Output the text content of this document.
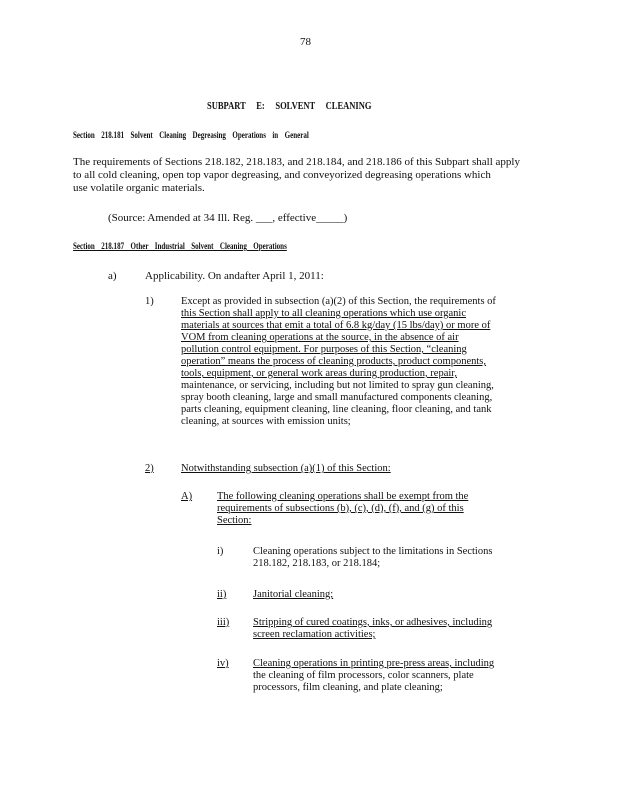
78
SUBPART E: SOLVENT CLEANING
Section 218.181 Solvent Cleaning Degreasing Operations in General
The requirements of Sections 218.182, 218.183, and 218.184, and 218.186 of this Subpart shall apply
to all cold cleaning, open top vapor degreasing, and conveyorized degreasing operations which
use volatile organic materials.
(Source: Amended at 34 Ill. Reg. ___, effective_____)
Section 218.187 Other Industrial Solvent Cleaning Operations
a)	Applicability. On andafter April 1, 2011:
1)	Except as provided in subsection (a)(2) of this Section, the requirements of
this Section shall apply to all cleaning operations which use organic
materials at sources that emit a total of 6.8 kg/day (15 lbs/day) or more of
VOM from cleaning operations at the source, in the absence of air
pollution control equipment. For purposes of this Section, “cleaning
operation” means the process of cleaning products, product components,
tools, equipment, or general work areas during production, repair,
maintenance, or servicing, including but not limited to spray gun cleaning,
spray booth cleaning, large and small manufactured components cleaning,
parts cleaning, equipment cleaning, line cleaning, floor cleaning, and tank
cleaning, at sources with emission units;
2)	Notwithstanding subsection (a)(1) of this Section:
A) The following cleaning operations shall be exempt from the
requirements of subsections (b), (c), (d), (f), and (g) of this
Section:
i)	Cleaning operations subject to the limitations in Sections
218.182, 218.183, or 218.184;
ii)	Janitorial cleaning;
iii) Stripping of cured coatings, inks, or adhesives, including
screen reclamation activities;
iv) Cleaning operations in printing pre-press areas, including
the cleaning of film processors, color scanners, plate
processors, film cleaning, and plate cleaning;
